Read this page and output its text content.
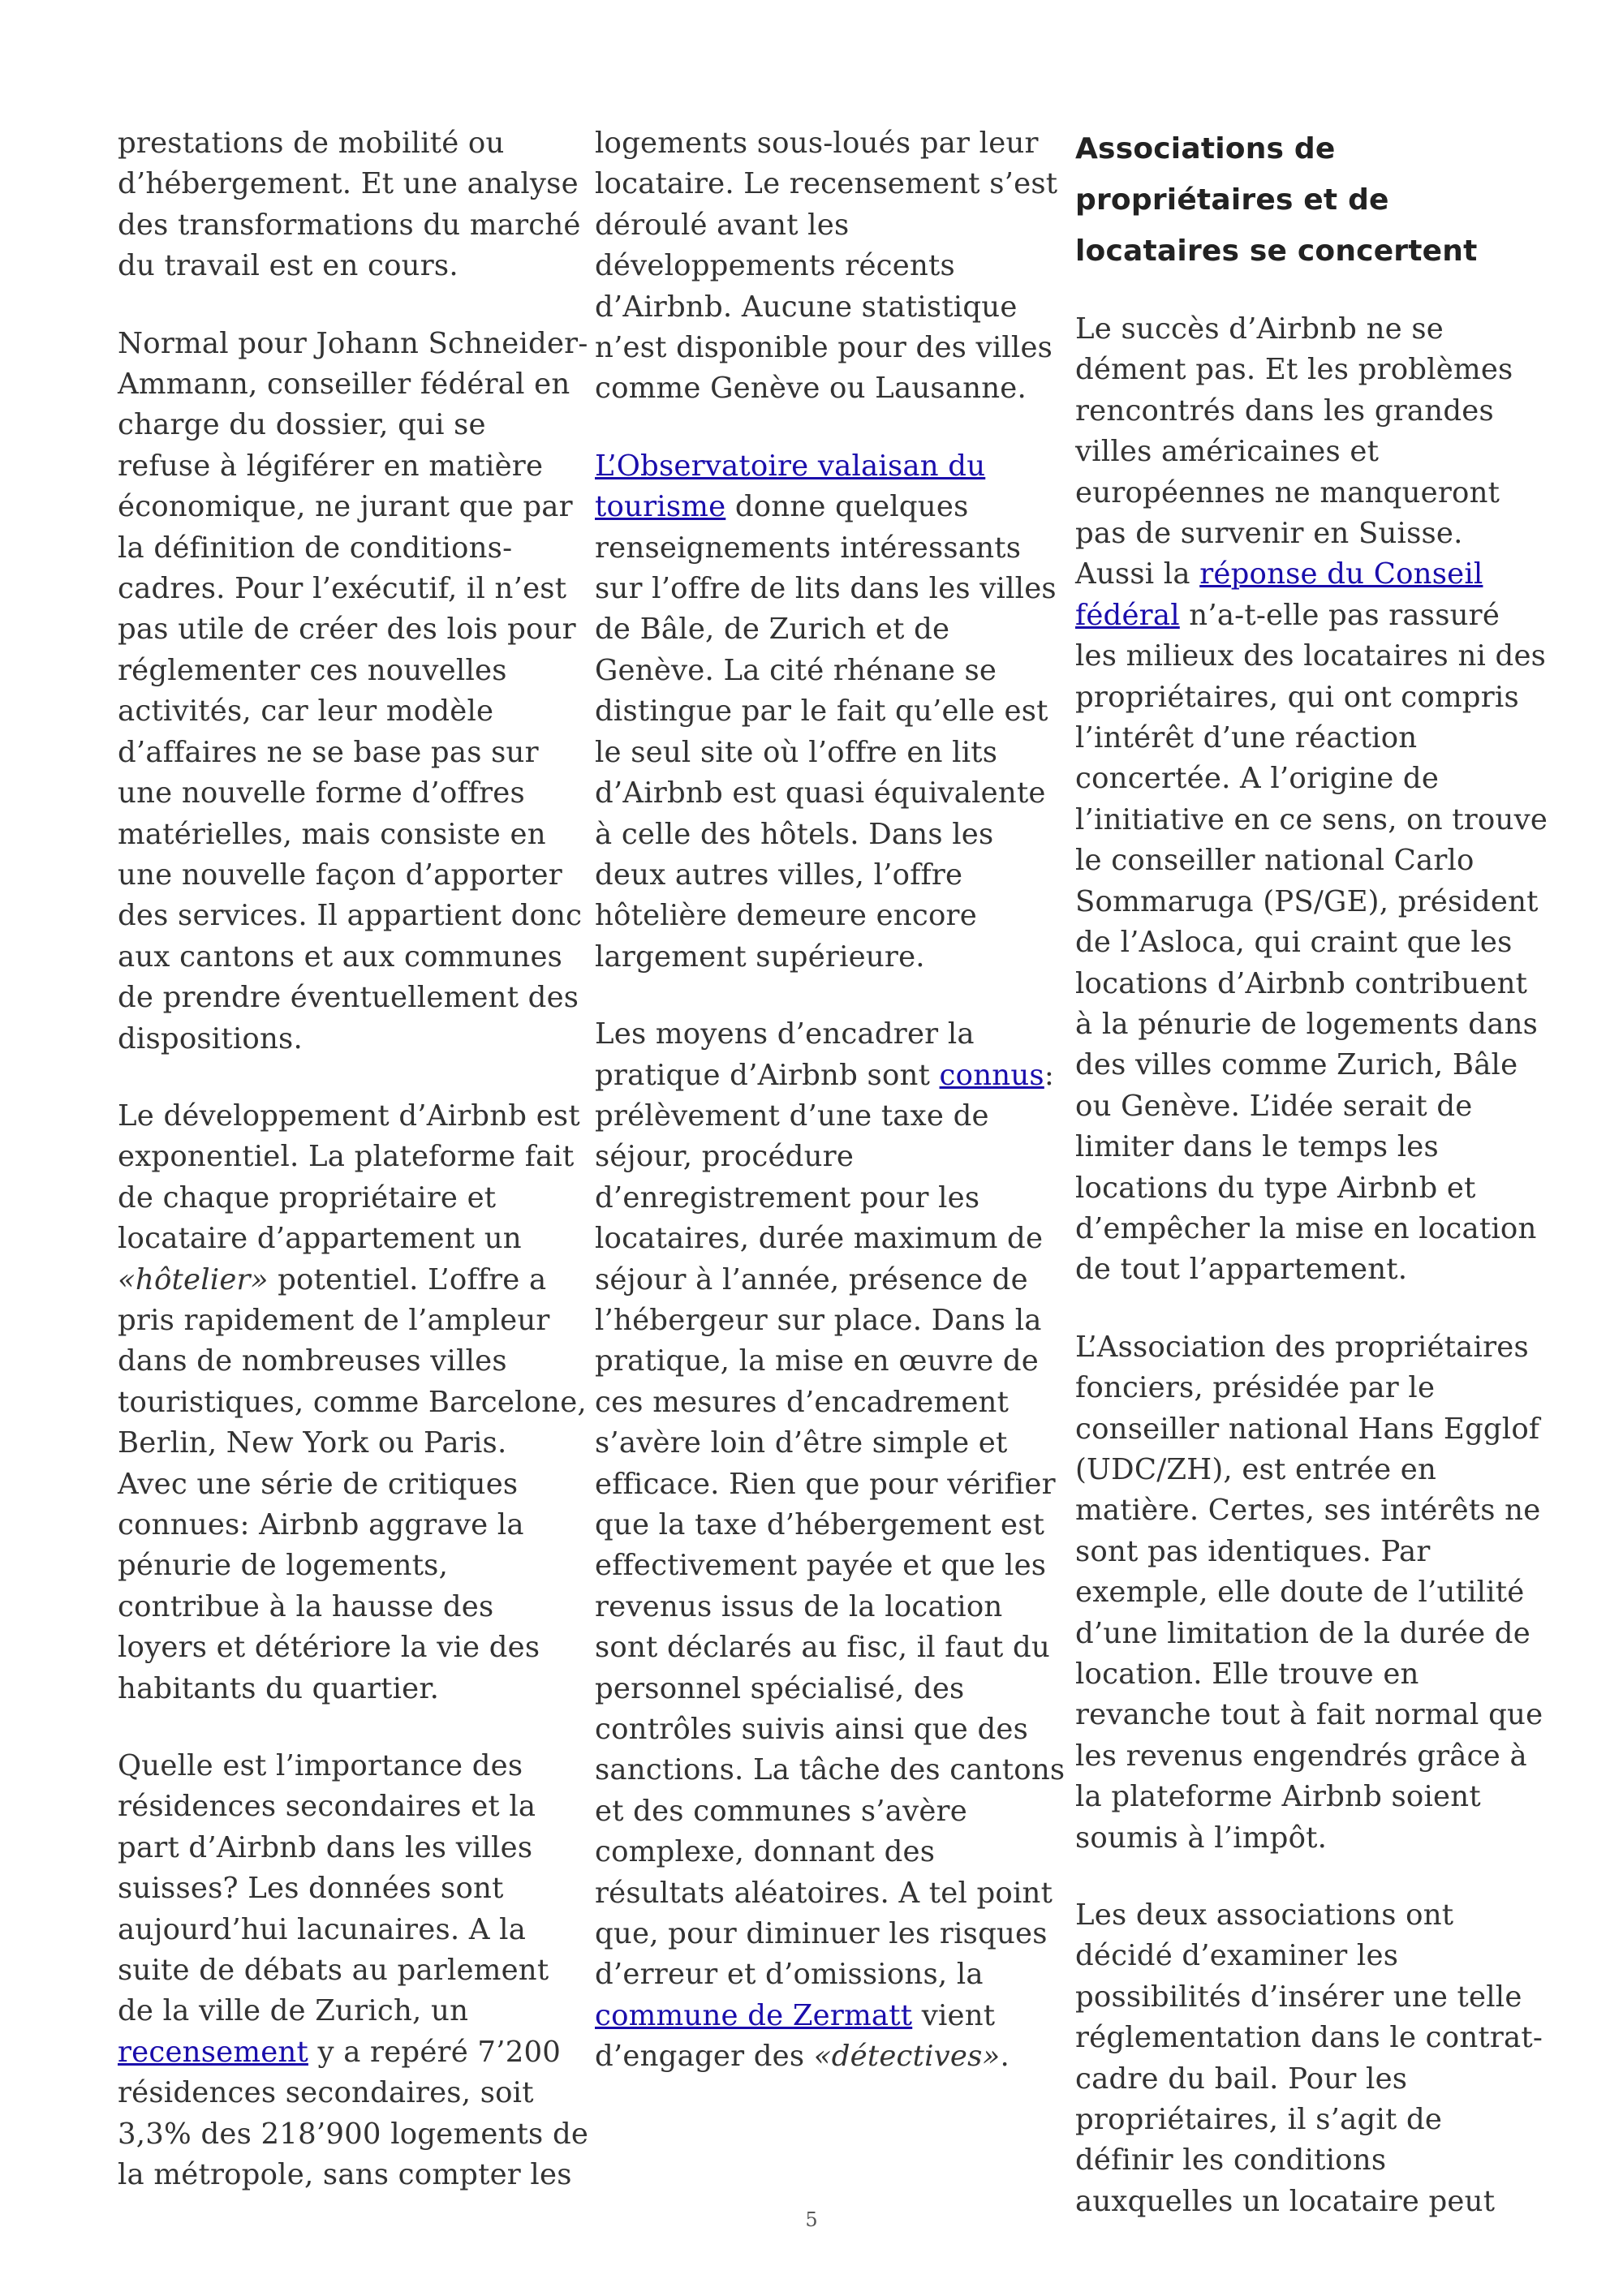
prestations de mobilité ou
d’hébergement. Et une analyse
des transformations du marché
du travail est en cours.
Normal pour Johann Schneider-
Ammann, conseiller fédéral en
charge du dossier, qui se
refuse à légiférer en matière
économique, ne jurant que par
la définition de conditions-
cadres. Pour l’exécutif, il n’est
pas utile de créer des lois pour
réglementer ces nouvelles
activités, car leur modèle
d’affaires ne se base pas sur
une nouvelle forme d’offres
matérielles, mais consiste en
une nouvelle façon d’apporter
des services. Il appartient donc
aux cantons et aux communes
de prendre éventuellement des
dispositions.
Le développement d’Airbnb est
exponentiel. La plateforme fait
de chaque propriétaire et
locataire d’appartement un
«hôtelier» potentiel. L’offre a
pris rapidement de l’ampleur
dans de nombreuses villes
touristiques, comme Barcelone,
Berlin, New York ou Paris.
Avec une série de critiques
connues: Airbnb aggrave la
pénurie de logements,
contribue à la hausse des
loyers et détériore la vie des
habitants du quartier.
Quelle est l’importance des
résidences secondaires et la
part d’Airbnb dans les villes
suisses? Les données sont
aujourd’hui lacunaires. A la
suite de débats au parlement
de la ville de Zurich, un
recensement y a repéré 7’200
résidences secondaires, soit
3,3% des 218’900 logements de
la métropole, sans compter les
logements sous-loués par leur
locataire. Le recensement s’est
déroulé avant les
développements récents
d’Airbnb. Aucune statistique
n’est disponible pour des villes
comme Genève ou Lausanne.
L’Observatoire valaisan du
tourisme donne quelques
renseignements intéressants
sur l’offre de lits dans les villes
de Bâle, de Zurich et de
Genève. La cité rhénane se
distingue par le fait qu’elle est
le seul site où l’offre en lits
d’Airbnb est quasi équivalente
à celle des hôtels. Dans les
deux autres villes, l’offre
hôtelière demeure encore
largement supérieure.
Les moyens d’encadrer la
pratique d’Airbnb sont connus:
prélèvement d’une taxe de
séjour, procédure
d’enregistrement pour les
locataires, durée maximum de
séjour à l’année, présence de
l’hébergeur sur place. Dans la
pratique, la mise en œuvre de
ces mesures d’encadrement
s’avère loin d’être simple et
efficace. Rien que pour vérifier
que la taxe d’hébergement est
effectivement payée et que les
revenus issus de la location
sont déclarés au fisc, il faut du
personnel spécialisé, des
contrôles suivis ainsi que des
sanctions. La tâche des cantons
et des communes s’avère
complexe, donnant des
résultats aléatoires. A tel point
que, pour diminuer les risques
d’erreur et d’omissions, la
commune de Zermatt vient
d’engager des «détectives».
Associations de
propriétaires et de
locataires se concertent
Le succès d’Airbnb ne se
dément pas. Et les problèmes
rencontrés dans les grandes
villes américaines et
européennes ne manqueront
pas de survenir en Suisse.
Aussi la réponse du Conseil
fédéral n’a-t-elle pas rassuré
les milieux des locataires ni des
propriétaires, qui ont compris
l’intérêt d’une réaction
concertée. A l’origine de
l’initiative en ce sens, on trouve
le conseiller national Carlo
Sommaruga (PS/GE), président
de l’Asloca, qui craint que les
locations d’Airbnb contribuent
à la pénurie de logements dans
des villes comme Zurich, Bâle
ou Genève. L’idée serait de
limiter dans le temps les
locations du type Airbnb et
d’empêcher la mise en location
de tout l’appartement.
L’Association des propriétaires
fonciers, présidée par le
conseiller national Hans Egglof
(UDC/ZH), est entrée en
matière. Certes, ses intérêts ne
sont pas identiques. Par
exemple, elle doute de l’utilité
d’une limitation de la durée de
location. Elle trouve en
revanche tout à fait normal que
les revenus engendrés grâce à
la plateforme Airbnb soient
soumis à l’impôt.
Les deux associations ont
décidé d’examiner les
possibilités d’insérer une telle
réglementation dans le contrat-
cadre du bail. Pour les
propriétaires, il s’agit de
définir les conditions
auxquelles un locataire peut
5
